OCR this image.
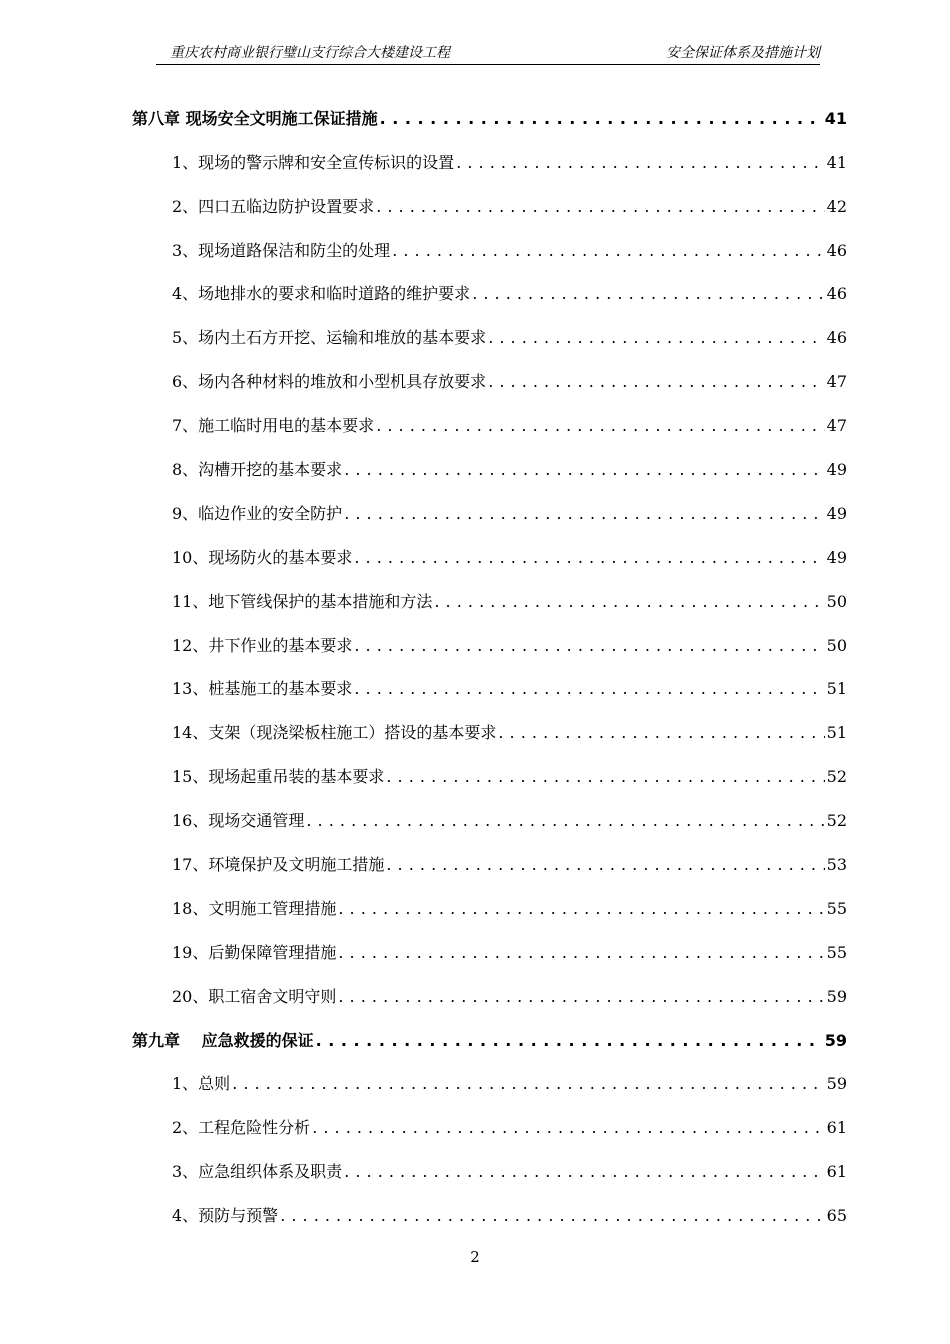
重庆农村商业银行璧山支行综合大楼建设工程	安全保证体系及措施计划
第八章 现场安全文明施工保证措施 . . .	41
1、现场的警示牌和安全宣传标识的设置 . . .	41
2、四口五临边防护设置要求 . . .	42
3、现场道路保洁和防尘的处理 . . .	46
4、场地排水的要求和临时道路的维护要求 . . .	46
5、场内土石方开挖、运输和堆放的基本要求 . . .	46
6、场内各种材料的堆放和小型机具存放要求 . . .	47
7、施工临时用电的基本要求 . . .	47
8、沟槽开挖的基本要求 . . .	49
9、临边作业的安全防护 . . .	49
10、现场防火的基本要求 . . .	49
11、地下管线保护的基本措施和方法 . . .	50
12、井下作业的基本要求 . . .	50
13、桩基施工的基本要求 . . .	51
14、支架（现浇梁板柱施工）搭设的基本要求 . . .	51
15、现场起重吊装的基本要求 . . .	52
16、现场交通管理 . . .	52
17、环境保护及文明施工措施 . . .	53
18、文明施工管理措施 . . .	55
19、后勤保障管理措施 . . .	55
20、职工宿舍文明守则 . . .	59
第九章　 应急救援的保证 . . .	59
1、总则 . . .	59
2、工程危险性分析 . . .	61
3、应急组织体系及职责 . . .	61
4、预防与预警 . . .	65
2
